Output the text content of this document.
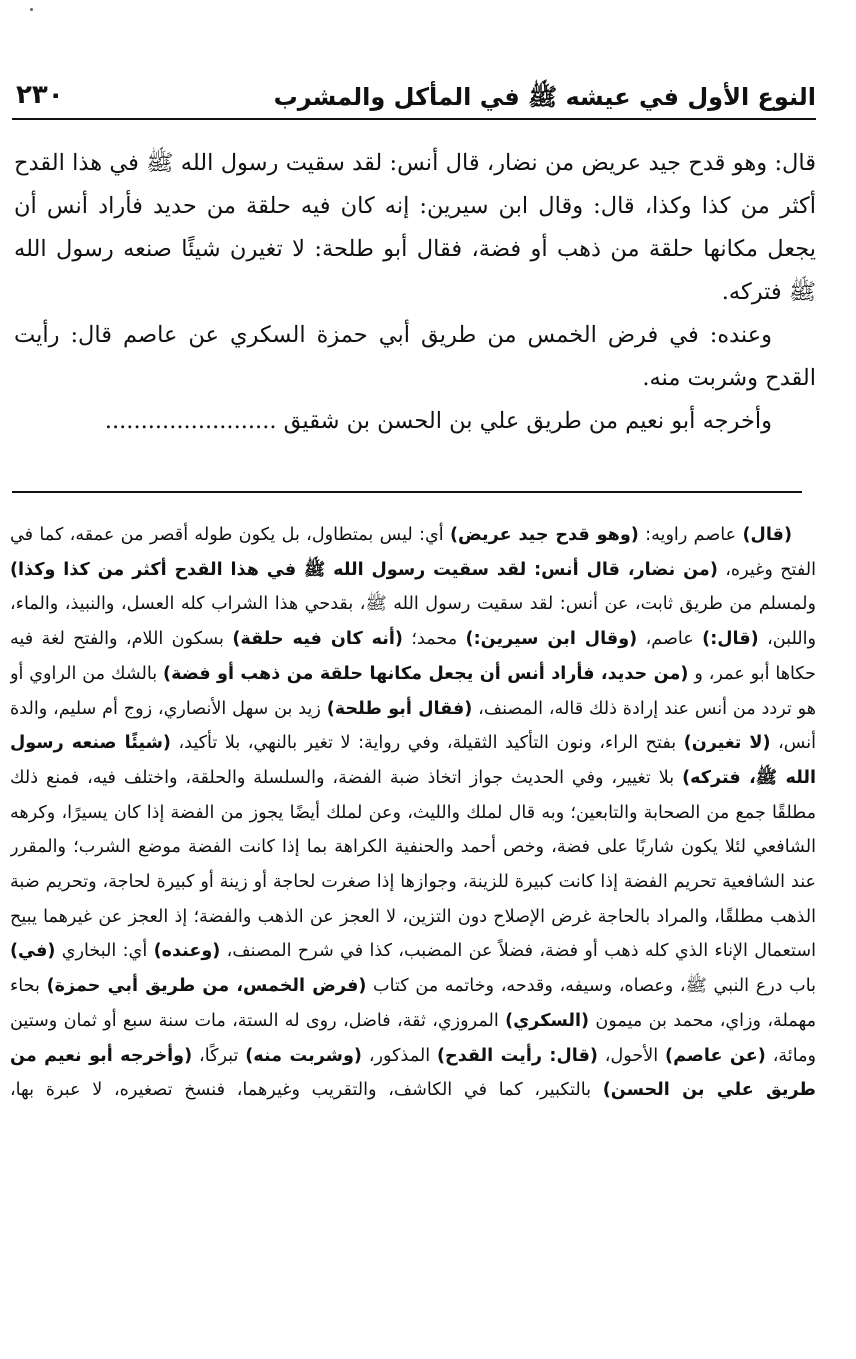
٢٣٠	النوع الأول في عيشه ﷺ في المأكل والمشرب

قال: وهو قدح جيد عريض من نضار، قال أنس: لقد سقيت رسول الله ﷺ في هذا القدح أكثر من كذا وكذا، قال: وقال ابن سيرين: إنه كان فيه حلقة من حديد فأراد أنس أن يجعل مكانها حلقة من ذهب أو فضة، فقال أبو طلحة: لا تغيرن شيئًا صنعه رسول الله ﷺ فتركه.

وعنده: في فرض الخمس من طريق أبي حمزة السكري عن عاصم قال: رأيت القدح وشربت منه.

وأخرجه أبو نعيم من طريق علي بن الحسن بن شقيق ........................

(قال) عاصم راويه: (وهو قدح جيد عريض) أي: ليس بمتطاول، بل يكون طوله أقصر من عمقه، كما في الفتح وغيره، (من نضار، قال أنس: لقد سقيت رسول الله ﷺ في هذا القدح أكثر من كذا وكذا) ولمسلم من طريق ثابت، عن أنس: لقد سقيت رسول الله ﷺ، بقدحي هذا الشراب كله العسل، والنبيذ، والماء، واللبن، (قال:) عاصم، (وقال ابن سيرين:) محمد؛ (أنه كان فيه حلقة) بسكون اللام، والفتح لغة فيه حكاها أبو عمر، و (من حديد، فأراد أنس أن يجعل مكانها حلقة من ذهب أو فضة) بالشك من الراوي أو هو تردد من أنس عند إرادة ذلك قاله، المصنف، (فقال أبو طلحة) زيد بن سهل الأنصاري، زوج أم سليم، والدة أنس، (لا تغيرن) بفتح الراء، ونون التأكيد الثقيلة، وفي رواية: لا تغير بالنهي، بلا تأكيد، (شيئًا صنعه رسول الله ﷺ، فتركه) بلا تغيير، وفي الحديث جواز اتخاذ ضبة الفضة، والسلسلة والحلقة، واختلف فيه، فمنع ذلك مطلقًا جمع من الصحابة والتابعين؛ وبه قال لملك والليث، وعن لملك أيضًا يجوز من الفضة إذا كان يسيرًا، وكرهه الشافعي لئلا يكون شاربًا على فضة، وخص أحمد والحنفية الكراهة بما إذا كانت الفضة موضع الشرب؛ والمقرر عند الشافعية تحريم الفضة إذا كانت كبيرة للزينة، وجوازها إذا صغرت لحاجة أو زينة أو كبيرة لحاجة، وتحريم ضبة الذهب مطلقًا، والمراد بالحاجة غرض الإصلاح دون التزين، لا العجز عن الذهب والفضة؛ إذ العجز عن غيرهما يبيح استعمال الإناء الذي كله ذهب أو فضة، فضلاً عن المضبب، كذا في شرح المصنف، (وعنده) أي: البخاري (في) باب درع النبي ﷺ، وعصاه، وسيفه، وقدحه، وخاتمه من كتاب (فرض الخمس، من طريق أبي حمزة) بحاء مهملة، وزاي، محمد بن ميمون (السكري) المروزي، ثقة، فاضل، روى له الستة، مات سنة سبع أو ثمان وستين ومائة، (عن عاصم) الأحول، (قال: رأيت القدح) المذكور، (وشربت منه) تبركًا، (وأخرجه أبو نعيم من طريق علي بن الحسن) بالتكبير، كما في الكاشف، والتقريب وغيرهما، فنسخ تصغيره، لا عبرة بها،
